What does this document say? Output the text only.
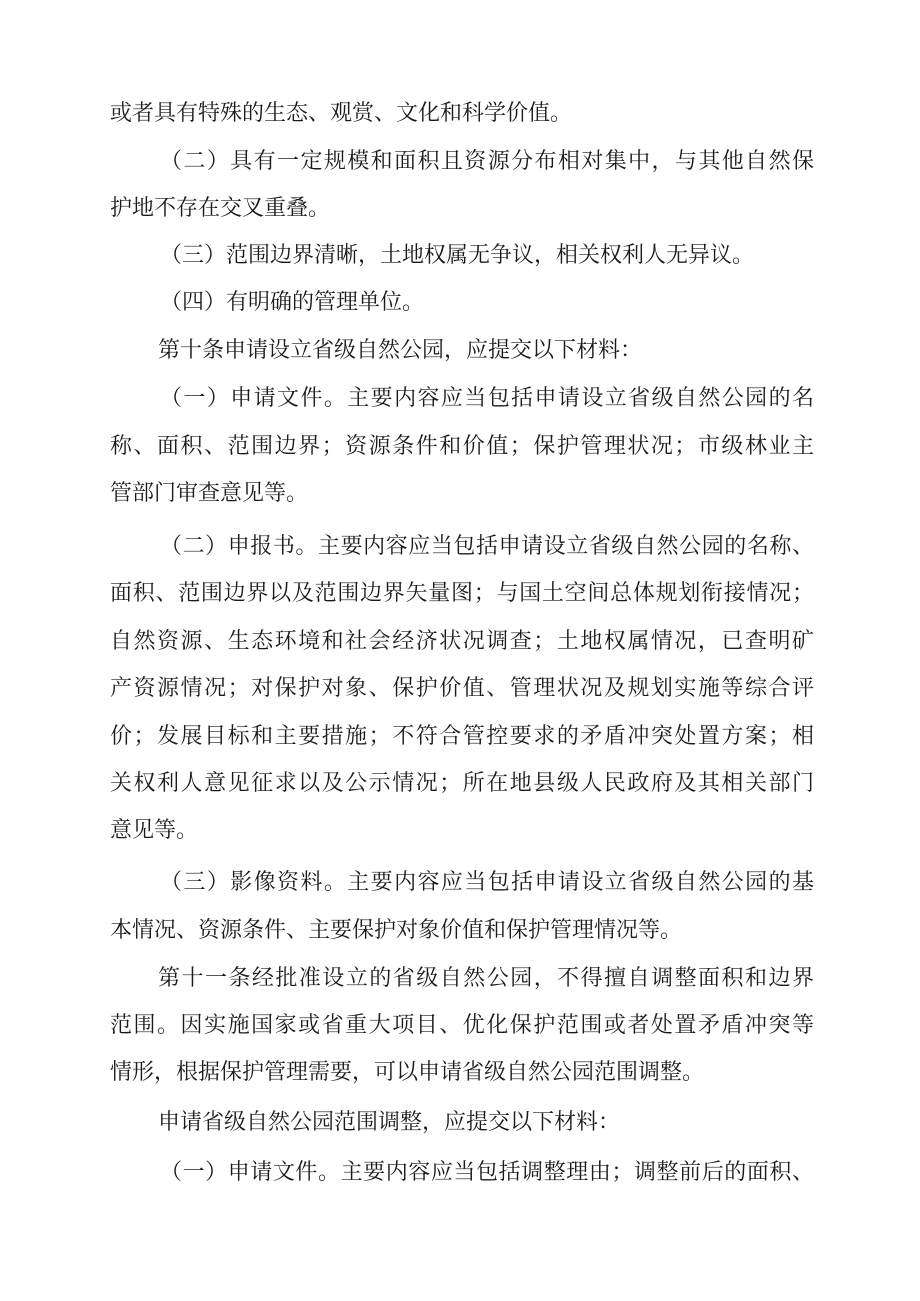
或者具有特殊的生态、观赏、文化和科学价值。
（二）具有一定规模和面积且资源分布相对集中，与其他自然保
护地不存在交叉重叠。
（三）范围边界清晰，土地权属无争议，相关权利人无异议。
（四）有明确的管理单位。
第十条申请设立省级自然公园，应提交以下材料：
（一）申请文件。主要内容应当包括申请设立省级自然公园的名
称、面积、范围边界；资源条件和价值；保护管理状况；市级林业主
管部门审查意见等。
（二）申报书。主要内容应当包括申请设立省级自然公园的名称、
面积、范围边界以及范围边界矢量图；与国土空间总体规划衔接情况；
自然资源、生态环境和社会经济状况调查；土地权属情况，已查明矿
产资源情况；对保护对象、保护价值、管理状况及规划实施等综合评
价；发展目标和主要措施；不符合管控要求的矛盾冲突处置方案；相
关权利人意见征求以及公示情况；所在地县级人民政府及其相关部门
意见等。
（三）影像资料。主要内容应当包括申请设立省级自然公园的基
本情况、资源条件、主要保护对象价值和保护管理情况等。
第十一条经批准设立的省级自然公园，不得擅自调整面积和边界
范围。因实施国家或省重大项目、优化保护范围或者处置矛盾冲突等
情形，根据保护管理需要，可以申请省级自然公园范围调整。
申请省级自然公园范围调整，应提交以下材料：
（一）申请文件。主要内容应当包括调整理由；调整前后的面积、
